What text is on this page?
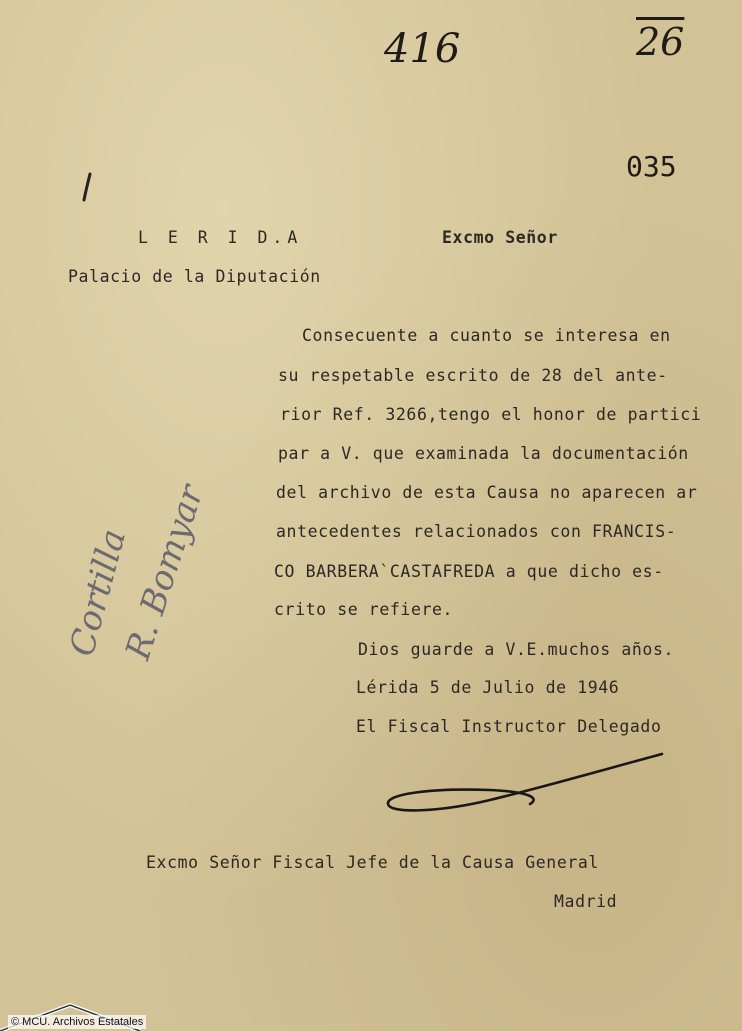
416	26
035
L E R I D.A	Excmo Señor
Palacio de la Diputación
Consecuente a cuanto se interesa en
su respetable escrito de 28 del ante-
rior Ref. 3266,tengo el honor de partici
par a V. que examinada la documentación
del archivo de esta Causa no aparecen ar
antecedentes relacionados con FRANCIS-
CO BARBERA`CASTAFREDA a que dicho es-
crito se refiere.
Dios guarde a V.E.muchos años.
Lérida 5 de Julio de 1946
El Fiscal Instructor Delegado
Excmo Señor Fiscal Jefe de la Causa General
Madrid
Cortilla
R. Bomyar
© MCU. Archivos Estatales
